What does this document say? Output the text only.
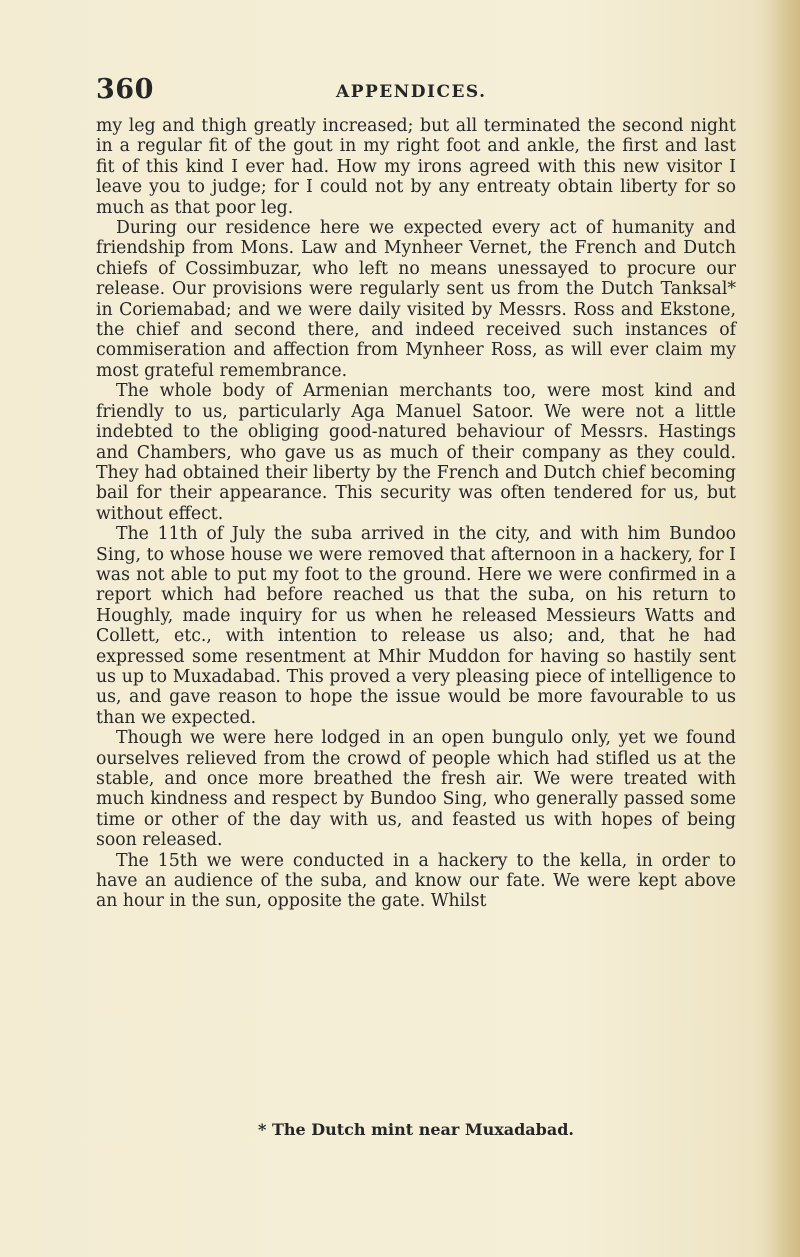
360	APPENDICES.

my leg and thigh greatly increased; but all terminated the second night in a regular fit of the gout in my right foot and ankle, the first and last fit of this kind I ever had. How my irons agreed with this new visitor I leave you to judge; for I could not by any entreaty obtain liberty for so much as that poor leg.

During our residence here we expected every act of humanity and friendship from Mons. Law and Mynheer Vernet, the French and Dutch chiefs of Cossimbuzar, who left no means unessayed to procure our release. Our provisions were regularly sent us from the Dutch Tanksal* in Coriemabad; and we were daily visited by Messrs. Ross and Ekstone, the chief and second there, and indeed received such instances of commiseration and affection from Mynheer Ross, as will ever claim my most grateful remembrance.

The whole body of Armenian merchants too, were most kind and friendly to us, particularly Aga Manuel Satoor. We were not a little indebted to the obliging good-natured behaviour of Messrs. Hastings and Chambers, who gave us as much of their company as they could. They had obtained their liberty by the French and Dutch chief becoming bail for their appearance. This security was often tendered for us, but without effect.

The 11th of July the suba arrived in the city, and with him Bundoo Sing, to whose house we were removed that afternoon in a hackery, for I was not able to put my foot to the ground. Here we were confirmed in a report which had before reached us that the suba, on his return to Houghly, made inquiry for us when he released Messieurs Watts and Collett, etc., with intention to release us also; and, that he had expressed some resentment at Mhir Muddon for having so hastily sent us up to Muxadabad. This proved a very pleasing piece of intelligence to us, and gave reason to hope the issue would be more favourable to us than we expected.

Though we were here lodged in an open bungulo only, yet we found ourselves relieved from the crowd of people which had stifled us at the stable, and once more breathed the fresh air. We were treated with much kindness and respect by Bundoo Sing, who generally passed some time or other of the day with us, and feasted us with hopes of being soon released.

The 15th we were conducted in a hackery to the kella, in order to have an audience of the suba, and know our fate. We were kept above an hour in the sun, opposite the gate. Whilst

* The Dutch mint near Muxadabad.
